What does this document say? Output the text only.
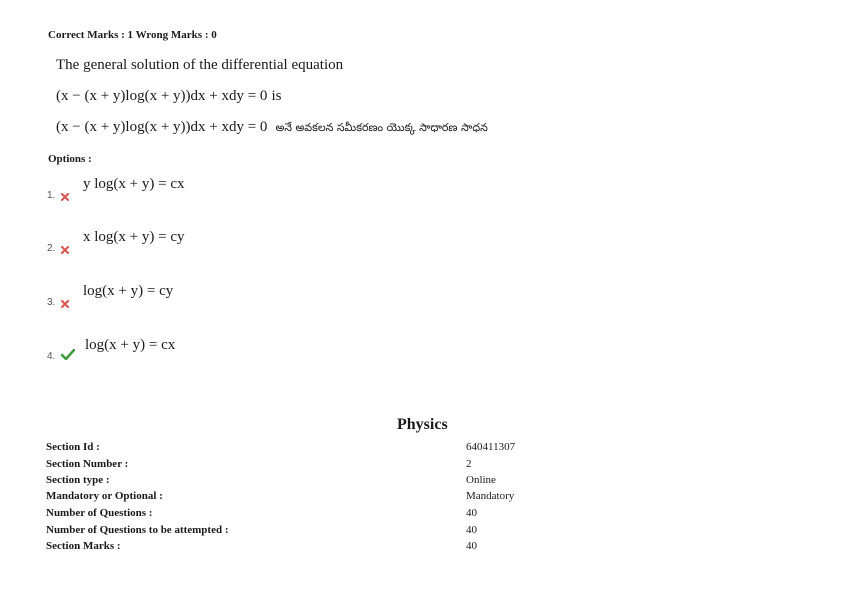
Correct Marks : 1 Wrong Marks : 0
The general solution of the differential equation
(x − (x + y)log(x + y))dx + xdy = 0 is
(x − (x + y)log(x + y))dx + xdy = 0 అనే అవకలన సమీకరణం యొక్క సాధారణ సాధన
Options :
1.
y log(x + y) = cx
2.
x log(x + y) = cy
3.
log(x + y) = cy
4.
log(x + y) = cx
Physics
Section Id :	640411307
Section Number :	2
Section type :	Online
Mandatory or Optional :	Mandatory
Number of Questions :	40
Number of Questions to be attempted :	40
Section Marks :	40
